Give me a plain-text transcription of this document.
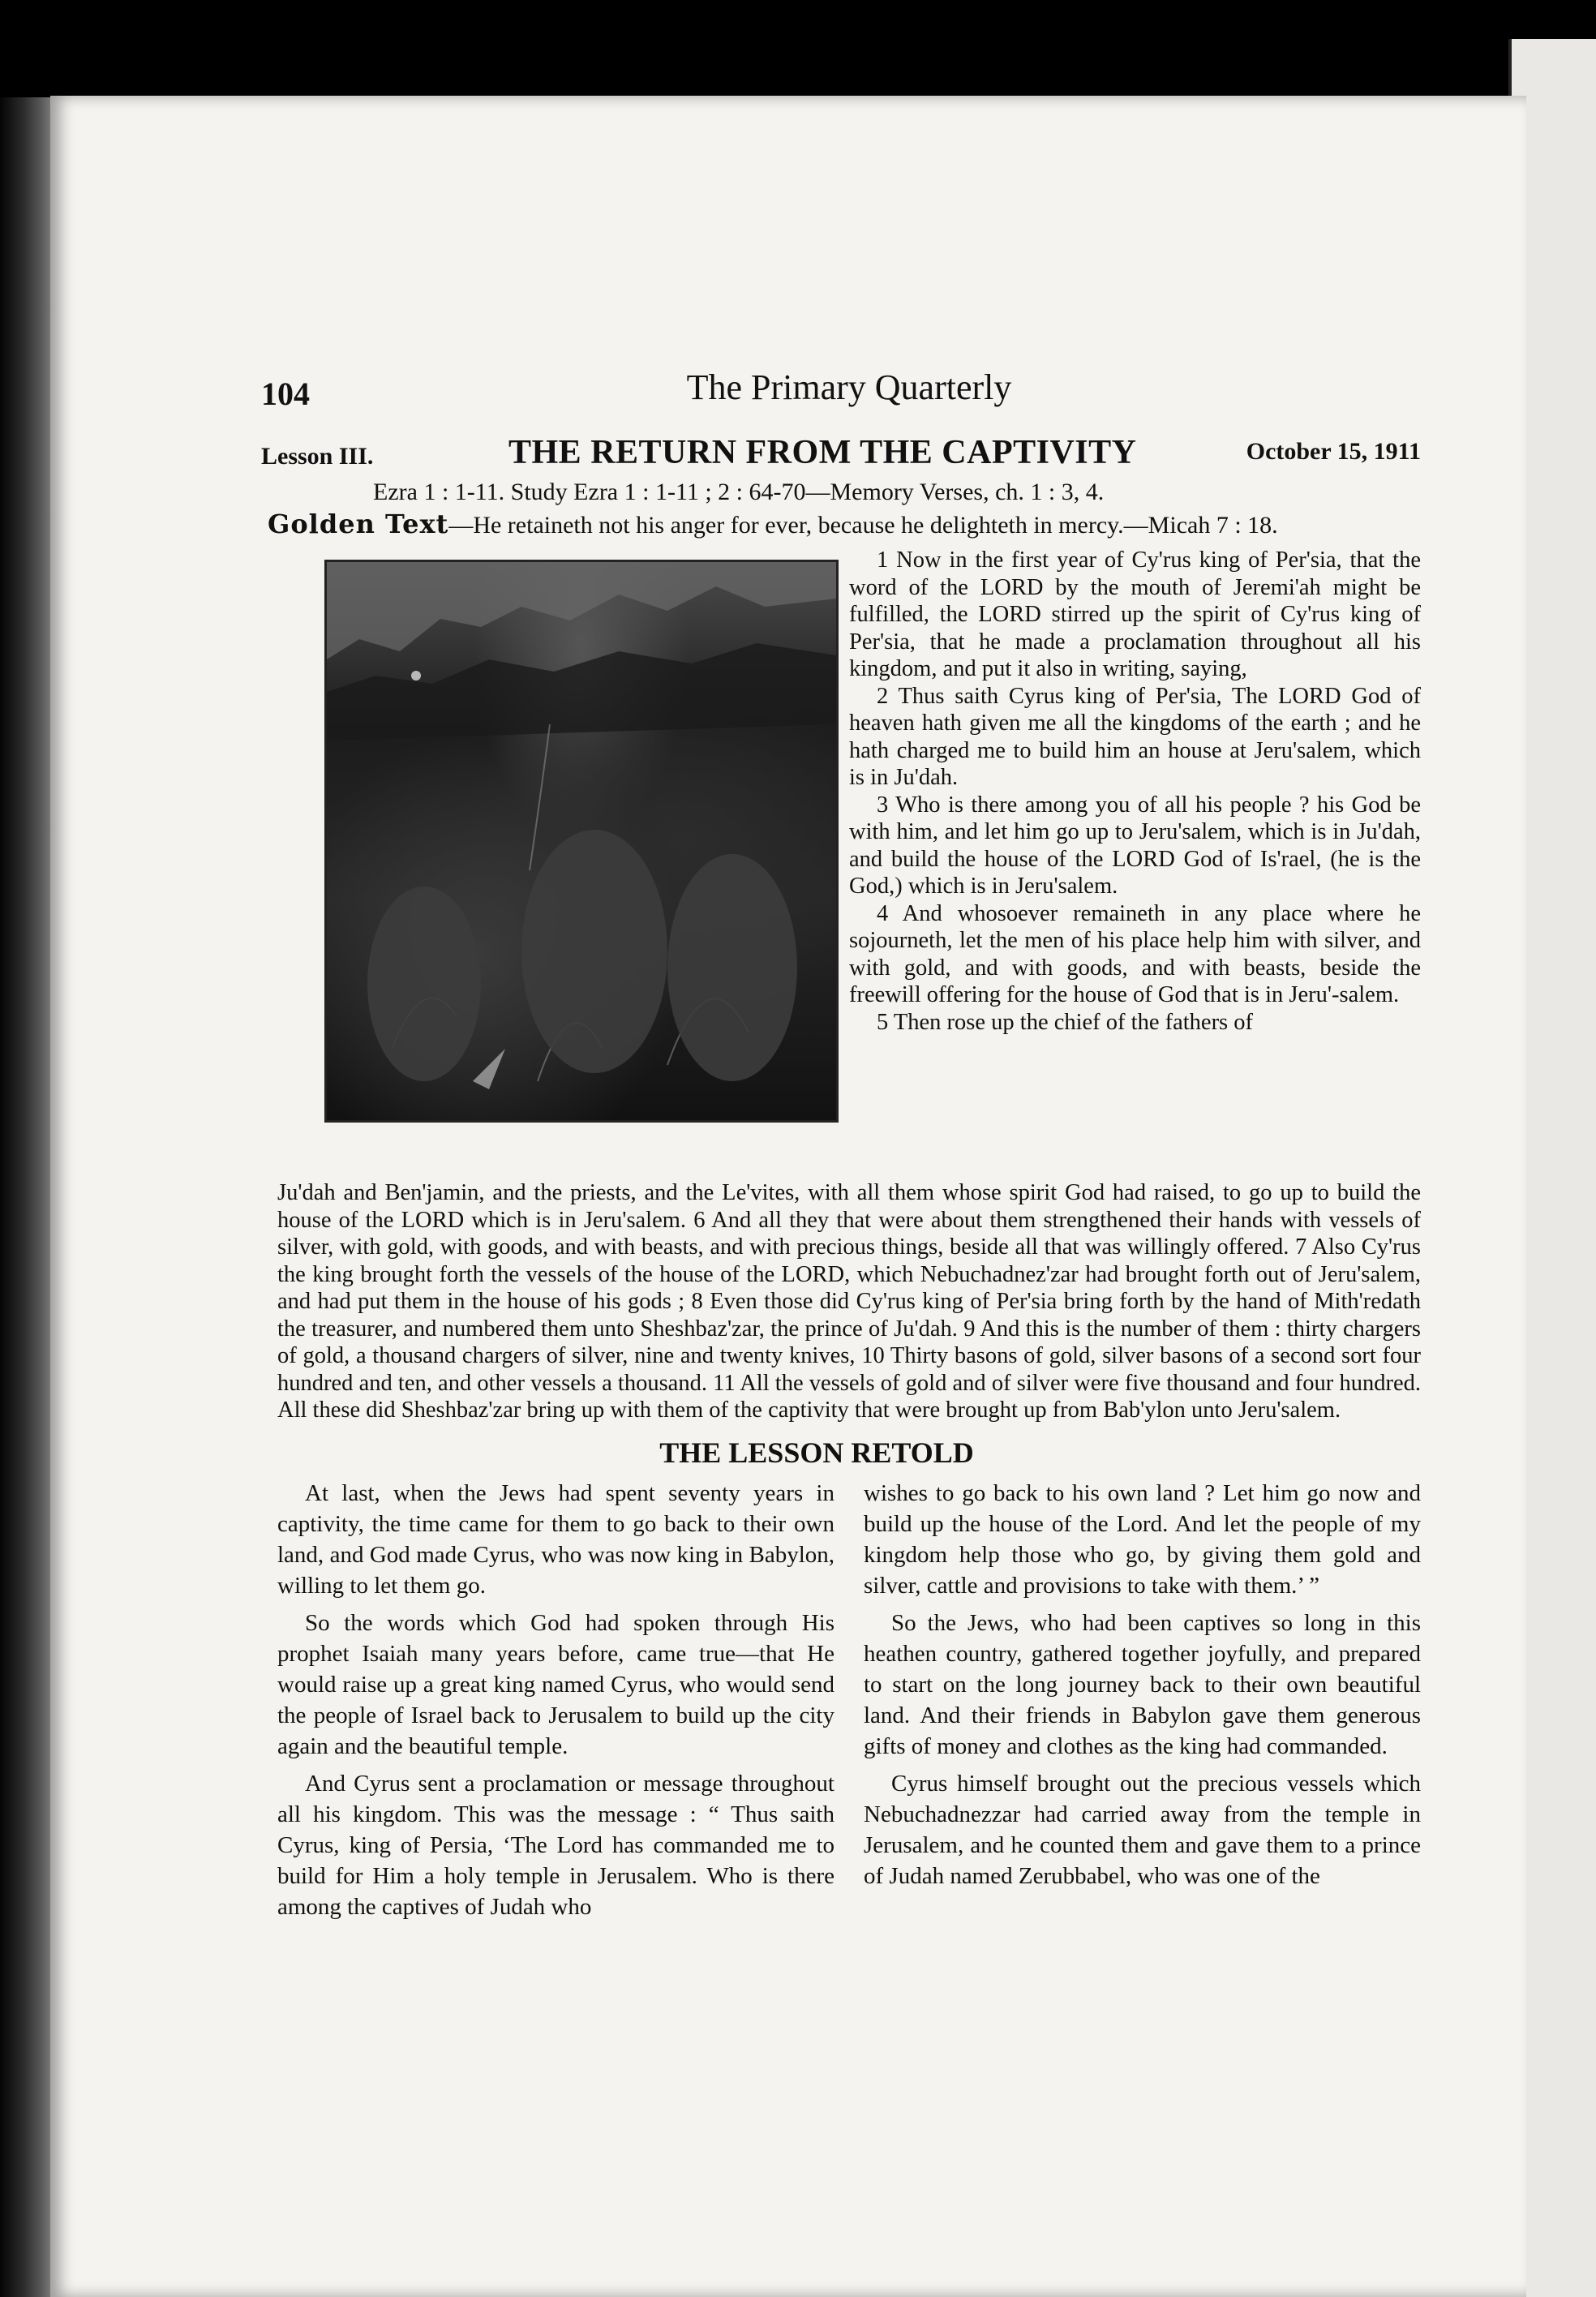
104	The Primary Quarterly
Lesson III.	THE RETURN FROM THE CAPTIVITY	October 15, 1911
Ezra 1 : 1-11. Study Ezra 1 : 1-11 ; 2 : 64-70—Memory Verses, ch. 1 : 3, 4.
Golden Text—He retaineth not his anger for ever, because he delighteth in mercy.—Micah 7 : 18.

1 Now in the first year of Cy'rus king of Per'sia, that the word of the LORD by the mouth of Jeremi'ah might be fulfilled, the LORD stirred up the spirit of Cy'rus king of Per'sia, that he made a proclamation throughout all his kingdom, and put it also in writing, saying,

2 Thus saith Cyrus king of Per'sia, The LORD God of heaven hath given me all the kingdoms of the earth ; and he hath charged me to build him an house at Jeru'salem, which is in Ju'dah.

3 Who is there among you of all his people ? his God be with him, and let him go up to Jeru'salem, which is in Ju'dah, and build the house of the LORD God of Is'rael, (he is the God,) which is in Jeru'salem.

4 And whosoever remaineth in any place where he sojourneth, let the men of his place help him with silver, and with gold, and with goods, and with beasts, beside the freewill offering for the house of God that is in Jeru'-salem.

5 Then rose up the chief of the fathers of

Ju'dah and Ben'jamin, and the priests, and the Le'vites, with all them whose spirit God had raised, to go up to build the house of the LORD which is in Jeru'salem. 6 And all they that were about them strengthened their hands with vessels of silver, with gold, with goods, and with beasts, and with precious things, beside all that was willingly offered. 7 Also Cy'rus the king brought forth the vessels of the house of the LORD, which Nebuchadnez'zar had brought forth out of Jeru'salem, and had put them in the house of his gods ; 8 Even those did Cy'rus king of Per'sia bring forth by the hand of Mith'redath the treasurer, and numbered them unto Sheshbaz'zar, the prince of Ju'dah. 9 And this is the number of them : thirty chargers of gold, a thousand chargers of silver, nine and twenty knives, 10 Thirty basons of gold, silver basons of a second sort four hundred and ten, and other vessels a thousand. 11 All the vessels of gold and of silver were five thousand and four hundred. All these did Sheshbaz'zar bring up with them of the captivity that were brought up from Bab'ylon unto Jeru'salem.
THE LESSON RETOLD

At last, when the Jews had spent seventy years in captivity, the time came for them to go back to their own land, and God made Cyrus, who was now king in Babylon, willing to let them go.

So the words which God had spoken through His prophet Isaiah many years before, came true—that He would raise up a great king named Cyrus, who would send the people of Israel back to Jerusalem to build up the city again and the beautiful temple.

And Cyrus sent a proclamation or message throughout all his kingdom. This was the message : “ Thus saith Cyrus, king of Persia, ‘The Lord has commanded me to build for Him a holy temple in Jerusalem. Who is there among the captives of Judah who

wishes to go back to his own land ? Let him go now and build up the house of the Lord. And let the people of my kingdom help those who go, by giving them gold and silver, cattle and provisions to take with them.’ ”

So the Jews, who had been captives so long in this heathen country, gathered together joyfully, and prepared to start on the long journey back to their own beautiful land. And their friends in Babylon gave them generous gifts of money and clothes as the king had commanded.

Cyrus himself brought out the precious vessels which Nebuchadnezzar had carried away from the temple in Jerusalem, and he counted them and gave them to a prince of Judah named Zerubbabel, who was one of the
